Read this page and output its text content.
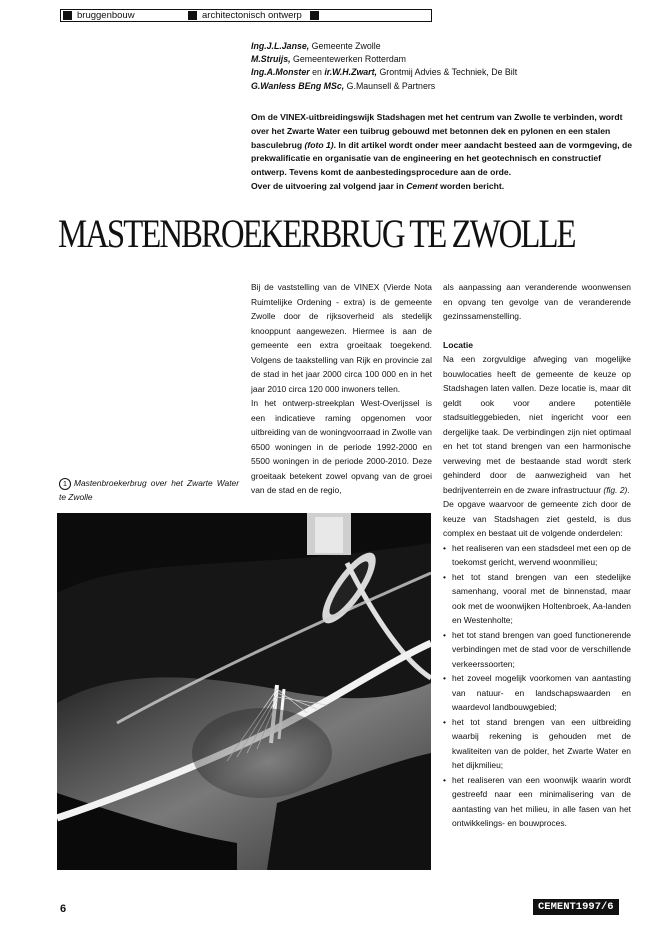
bruggenbouw	architectonisch ontwerp
Ing.J.L.Janse, Gemeente Zwolle
M.Struijs, Gemeentewerken Rotterdam
Ing.A.Monster en ir.W.H.Zwart, Grontmij Advies & Techniek, De Bilt
G.Wanless BEng MSc, G.Maunsell & Partners
Om de VINEX-uitbreidingswijk Stadshagen met het centrum van Zwolle te verbinden, wordt over het Zwarte Water een tuibrug gebouwd met betonnen dek en pylonen en een stalen basculebrug (foto 1). In dit artikel wordt onder meer aandacht besteed aan de vormgeving, de prekwalificatie en organisatie van de engineering en het geotechnisch en constructief ontwerp. Tevens komt de aanbestedingsprocedure aan de orde.
Over de uitvoering zal volgend jaar in Cement worden bericht.
MASTENBROEKERBRUG TE ZWOLLE

Bij de vaststelling van de VINEX (Vierde Nota Ruimtelijke Ordening - extra) is de gemeente Zwolle door de rijksoverheid als stedelijk knooppunt aangewezen. Hiermee is aan de gemeente een extra groeitaak toegekend. Volgens de taakstelling van Rijk en provincie zal de stad in het jaar 2000 circa 100 000 en in het jaar 2010 circa 120 000 inwoners tellen.

In het ontwerp-streekplan West-Overijssel is een indicatieve raming opgenomen voor uitbreiding van de woningvoorraad in Zwolle van 6500 woningen in de periode 1992-2000 en 5500 woningen in de periode 2000-2010. Deze groeitaak betekent zowel opvang van de groei van de stad en de regio,

als aanpassing aan veranderende woonwensen en opvang ten gevolge van de veranderende gezinssamenstelling.

Locatie

Na een zorgvuldige afweging van mogelijke bouwlocaties heeft de gemeente de keuze op Stadshagen laten vallen. Deze locatie is, maar dit geldt ook voor andere potentiële stadsuitleggebieden, niet ingericht voor een dergelijke taak. De verbindingen zijn niet optimaal en het tot stand brengen van een harmonische verweving met de bestaande stad wordt sterk gehinderd door de aanwezigheid van het bedrijventerrein en de zware infrastructuur (fig. 2).

De opgave waarvoor de gemeente zich door de keuze van Stadshagen ziet gesteld, is dus complex en bestaat uit de volgende onderdelen:

• het realiseren van een stadsdeel met een op de toekomst gericht, wervend woonmilieu;
• het tot stand brengen van een stedelijke samenhang, vooral met de binnenstad, maar ook met de woonwijken Holtenbroek, Aa-landen en Westenholte;
• het tot stand brengen van goed functionerende verbindingen met de stad voor de verschillende verkeerssoorten;
• het zoveel mogelijk voorkomen van aantasting van natuur- en landschapswaarden en waardevol landbouwgebied;
• het tot stand brengen van een uitbreiding waarbij rekening is gehouden met de kwaliteiten van de polder, het Zwarte Water en het dijkmilieu;
• het realiseren van een woonwijk waarin wordt gestreefd naar een minimalisering van de aantasting van het milieu, in alle fasen van het ontwikkelings- en bouwproces.
1 Mastenbroekerbrug over het Zwarte Water te Zwolle
6	CEMENT1997/6
